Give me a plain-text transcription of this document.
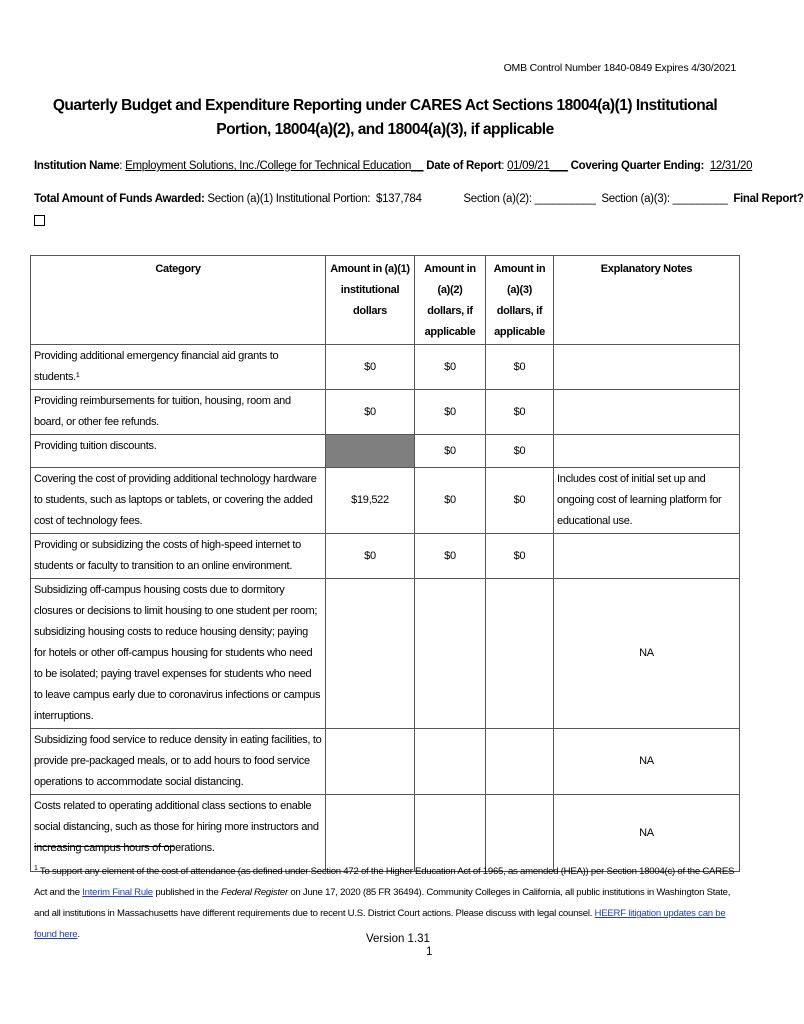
OMB Control Number 1840-0849 Expires 4/30/2021
Quarterly Budget and Expenditure Reporting under CARES Act Sections 18004(a)(1) Institutional Portion, 18004(a)(2), and 18004(a)(3), if applicable
Institution Name: Employment Solutions, Inc./College for Technical Education__ Date of Report: 01/09/21___ Covering Quarter Ending: 12/31/20
Total Amount of Funds Awarded: Section (a)(1) Institutional Portion: $137,784	Section (a)(2): __________ Section (a)(3): _________ Final Report?
Category	Amount in (a)(1) institutional dollars	Amount in (a)(2) dollars, if applicable	Amount in (a)(3) dollars, if applicable	Explanatory Notes
Providing additional emergency financial aid grants to students.¹	$0	$0	$0	
Providing reimbursements for tuition, housing, room and board, or other fee refunds.	$0	$0	$0	
Providing tuition discounts.		$0	$0	
Covering the cost of providing additional technology hardware to students, such as laptops or tablets, or covering the added cost of technology fees.	$19,522	$0	$0	Includes cost of initial set up and ongoing cost of learning platform for educational use.
Providing or subsidizing the costs of high-speed internet to students or faculty to transition to an online environment.	$0	$0	$0	
Subsidizing off-campus housing costs due to dormitory closures or decisions to limit housing to one student per room; subsidizing housing costs to reduce housing density; paying for hotels or other off-campus housing for students who need to be isolated; paying travel expenses for students who need to leave campus early due to coronavirus infections or campus interruptions.				NA
Subsidizing food service to reduce density in eating facilities, to provide pre-packaged meals, or to add hours to food service operations to accommodate social distancing.				NA
Costs related to operating additional class sections to enable social distancing, such as those for hiring more instructors and increasing campus hours of operations.				NA
$^1$ To support any element of the cost of attendance (as defined under Section 472 of the Higher Education Act of 1965, as amended (HEA)) per Section 18004(c) of the CARES Act and the Interim Final Rule published in the Federal Register on June 17, 2020 (85 FR 36494). Community Colleges in California, all public institutions in Washington State, and all institutions in Massachusetts have different requirements due to recent U.S. District Court actions. Please discuss with legal counsel. HEERF litigation updates can be found here.	Version 1.31
1
